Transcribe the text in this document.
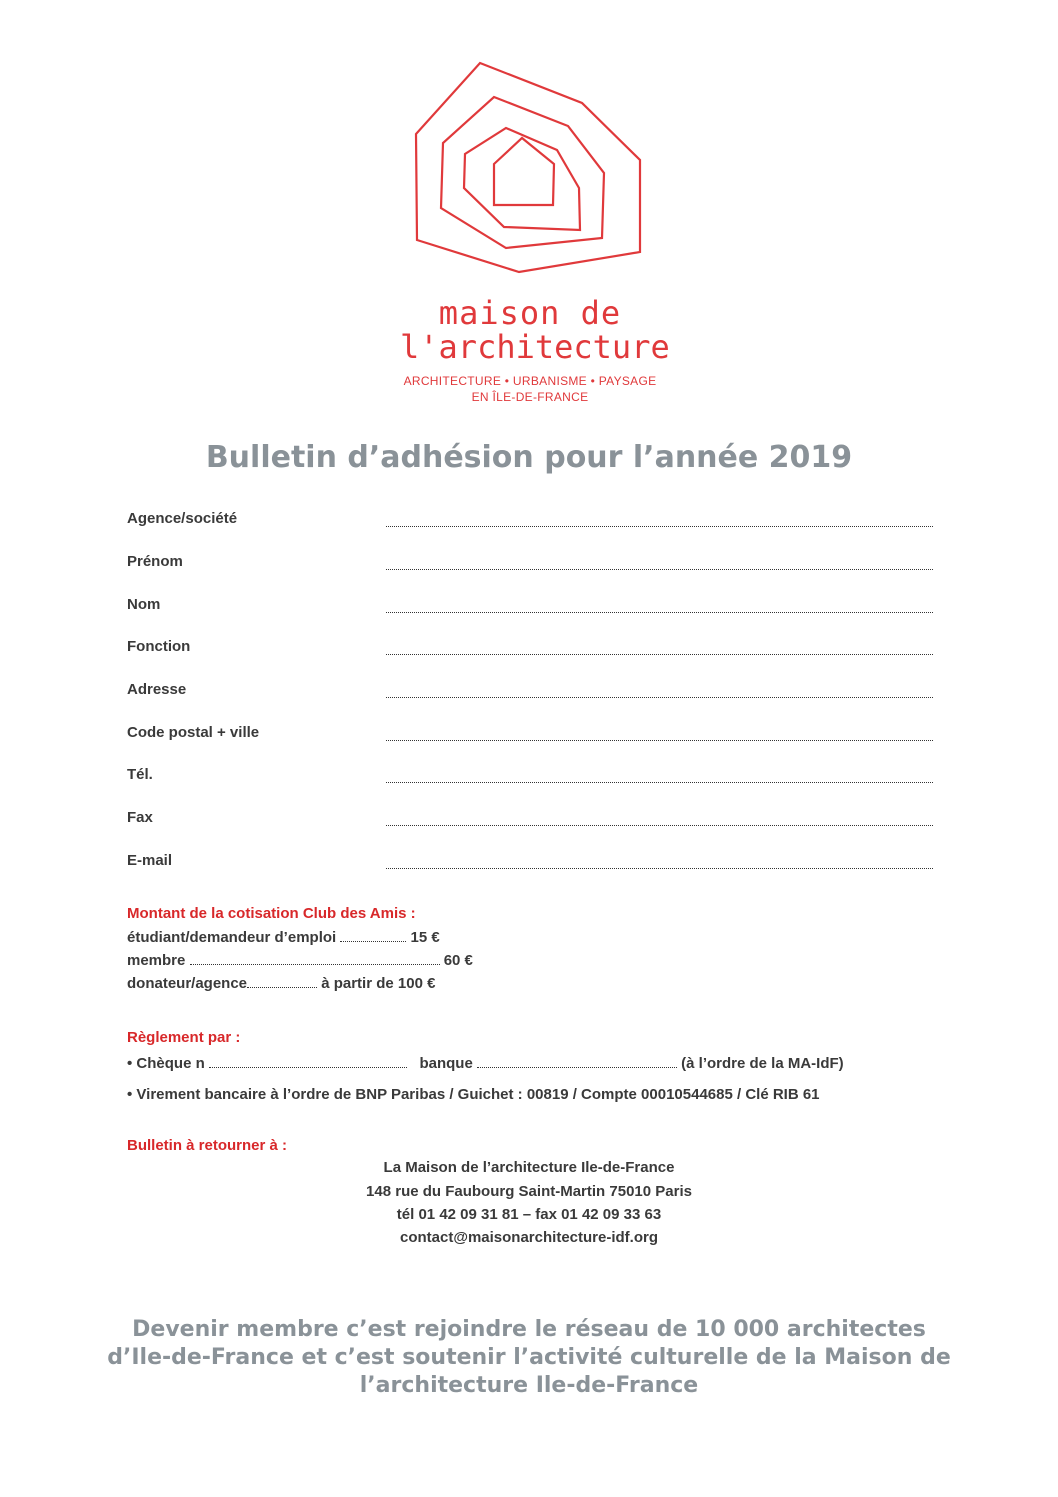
maison de
l'architecture
ARCHITECTURE • URBANISME • PAYSAGE
EN ÎLE-DE-FRANCE
Bulletin d’adhésion pour l’année 2019
Agence/société
Prénom
Nom
Fonction
Adresse
Code postal + ville
Tél.
Fax
E-mail
Montant de la cotisation Club des Amis :
étudiant/demandeur d’emploi	15 €
membre	60 €
donateur/agence	à partir de 100 €
Règlement par :
• Chèque n	banque	(à l’ordre de la MA-IdF)
• Virement bancaire à l’ordre de BNP Paribas / Guichet : 00819 / Compte 00010544685 / Clé RIB 61
Bulletin à retourner à :
La Maison de l’architecture Ile-de-France
148 rue du Faubourg Saint-Martin 75010 Paris
tél 01 42 09 31 81 – fax 01 42 09 33 63
contact@maisonarchitecture-idf.org
Devenir membre c’est rejoindre le réseau de 10 000 architectes
d’Ile-de-France et c’est soutenir l’activité culturelle de la Maison de
l’architecture Ile-de-France
